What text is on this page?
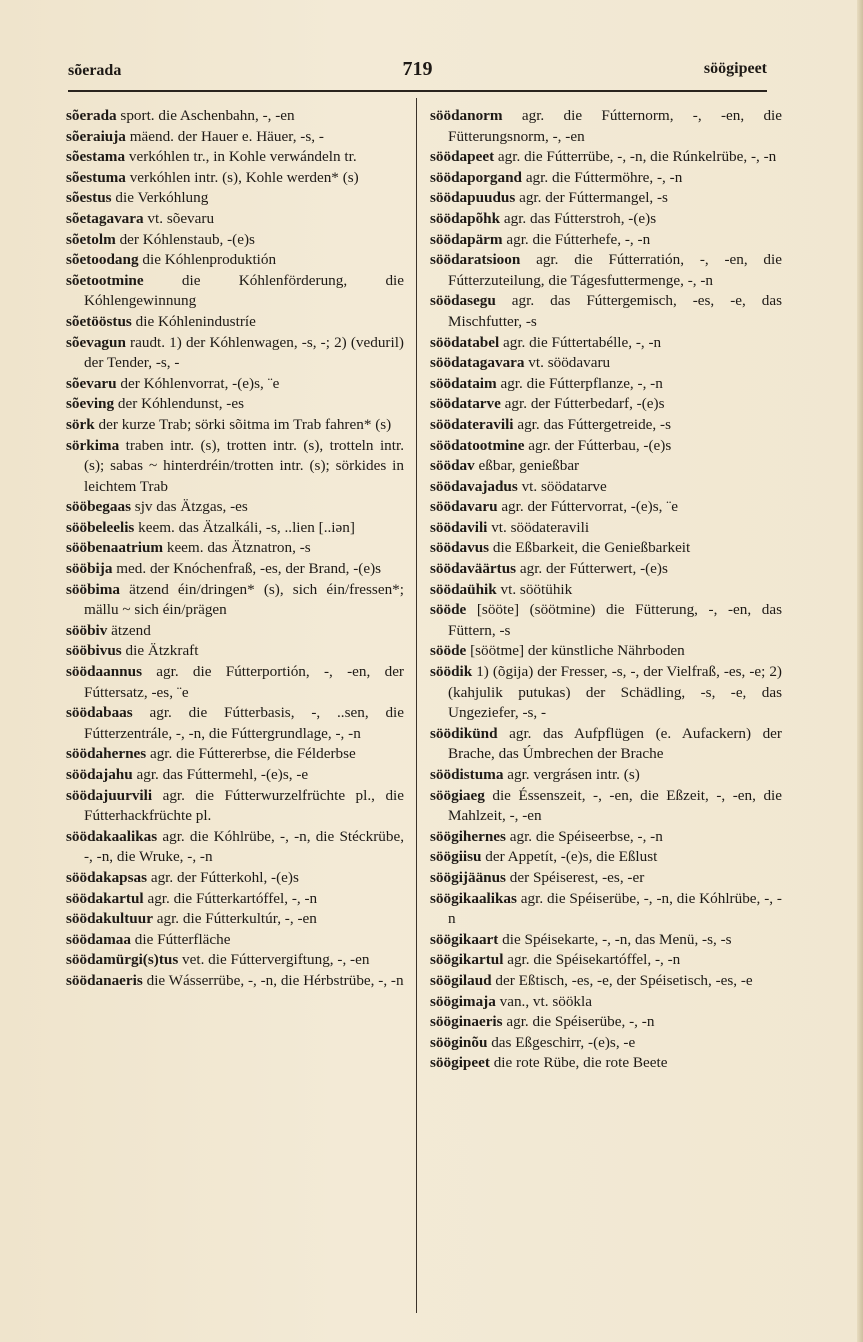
sõerada	719	söögipeet

sõerada sport. die Aschenbahn, -, -en

sõeraiuja mäend. der Hauer e. Häuer, -s, -

sõestama verkóhlen tr., in Kohle verwándeln tr.

sõestuma verkóhlen intr. (s), Kohle werden* (s)

sõestus die Verkóhlung

sõetagavara vt. sõevaru

sõetolm der Kóhlenstaub, -(e)s

sõetoodang die Kóhlenproduktión

sõetootmine die Kóhlenförderung, die Kóhlengewinnung

sõetööstus die Kóhlenindustríe

sõevagun raudt. 1) der Kóhlenwagen, -s, -; 2) (veduril) der Tender, -s, -

sõevaru der Kóhlenvorrat, -(e)s, ¨e

sõeving der Kóhlendunst, -es

sörk der kurze Trab; sörki sõitma im Trab fahren* (s)

sörkima traben intr. (s), trotten intr. (s), trotteln intr. (s); sabas ~ hinterdréin/trotten intr. (s); sörkides in leichtem Trab

sööbegaas sjv das Ätzgas, -es

sööbeleelis keem. das Ätzalkáli, -s, ..lien [..iən]

sööbenaatrium keem. das Ätznatron, -s

sööbija med. der Knóchenfraß, -es, der Brand, -(e)s

sööbima ätzend éin/dringen* (s), sich éin/fressen*; mällu ~ sich éin/prägen

sööbiv ätzend

sööbivus die Ätzkraft

söödaannus agr. die Fútterportión, -, -en, der Fúttersatz, -es, ¨e

söödabaas agr. die Fútterbasis, -, ..sen, die Fútterzentrále, -, -n, die Fúttergrundlage, -, -n

söödahernes agr. die Fúttererbse, die Félderbse

söödajahu agr. das Fúttermehl, -(e)s, -e

söödajuurvili agr. die Fútterwurzelfrüchte pl., die Fútterhackfrüchte pl.

söödakaalikas agr. die Kóhlrübe, -, -n, die Stéckrübe, -, -n, die Wruke, -, -n

söödakapsas agr. der Fútterkohl, -(e)s

söödakartul agr. die Fútterkartóffel, -, -n

söödakultuur agr. die Fútterkultúr, -, -en

söödamaa die Fútterfläche

söödamürgi(s)tus vet. die Fúttervergiftung, -, -en

söödanaeris die Wásserrübe, -, -n, die Hérbstrübe, -, -n

söödanorm agr. die Fútternorm, -, -en, die Fütterungsnorm, -, -en

söödapeet agr. die Fútterrübe, -, -n, die Rúnkelrübe, -, -n

söödaporgand agr. die Fúttermöhre, -, -n

söödapuudus agr. der Fúttermangel, -s

söödapõhk agr. das Fútterstroh, -(e)s

söödapärm agr. die Fútterhefe, -, -n

söödaratsioon agr. die Fútterratión, -, -en, die Fútterzuteilung, die Tágesfuttermenge, -, -n

söödasegu agr. das Fúttergemisch, -es, -e, das Mischfutter, -s

söödatabel agr. die Fúttertabélle, -, -n

söödatagavara vt. söödavaru

söödataim agr. die Fútterpflanze, -, -n

söödatarve agr. der Fútterbedarf, -(e)s

söödateravili agr. das Fúttergetreide, -s

söödatootmine agr. der Fútterbau, -(e)s

söödav eßbar, genießbar

söödavajadus vt. söödatarve

söödavaru agr. der Fúttervorrat, -(e)s, ¨e

söödavili vt. söödateravili

söödavus die Eßbarkeit, die Genießbarkeit

söödaväärtus agr. der Fútterwert, -(e)s

söödaühik vt. söötühik

sööde [sööte] (söötmine) die Fütterung, -, -en, das Füttern, -s

sööde [söötme] der künstliche Nährboden

söödik 1) (õgija) der Fresser, -s, -, der Vielfraß, -es, -e; 2) (kahjulik putukas) der Schädling, -s, -e, das Ungeziefer, -s, -

söödikünd agr. das Aufpflügen (e. Aufackern) der Brache, das Úmbrechen der Brache

söödistuma agr. vergrásen intr. (s)

söögiaeg die Éssenszeit, -, -en, die Eßzeit, -, -en, die Mahlzeit, -, -en

söögihernes agr. die Spéiseerbse, -, -n

söögiisu der Appetít, -(e)s, die Eßlust

söögijäänus der Spéiserest, -es, -er

söögikaalikas agr. die Spéiserübe, -, -n, die Kóhlrübe, -, -n

söögikaart die Spéisekarte, -, -n, das Menü, -s, -s

söögikartul agr. die Spéisekartóffel, -, -n

söögilaud der Eßtisch, -es, -e, der Spéisetisch, -es, -e

söögimaja van., vt. sööklа

sööginaeris agr. die Spéiserübe, -, -n

sööginõu das Eßgeschirr, -(e)s, -e

söögipeet die rote Rübe, die rote Beete
